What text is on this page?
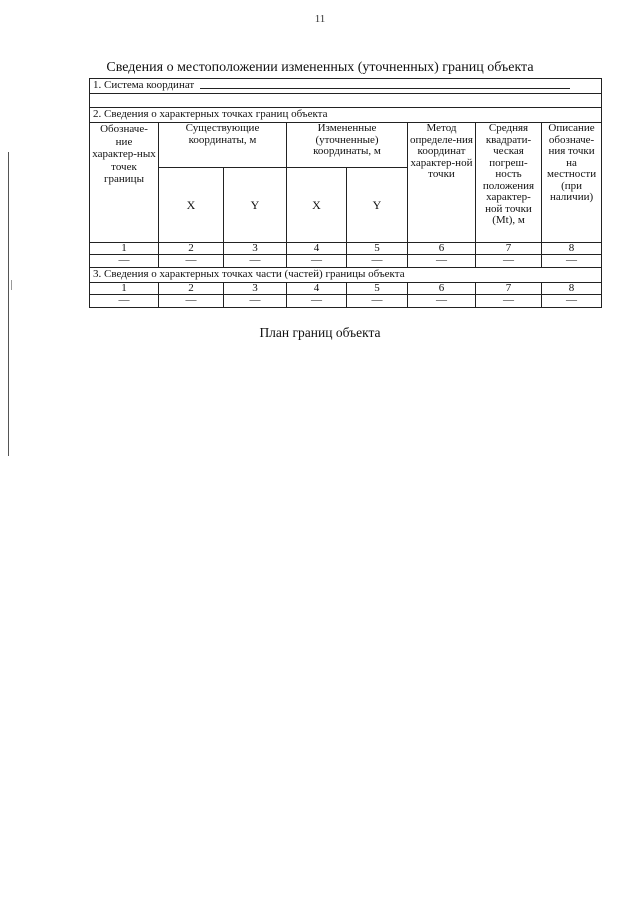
11
Сведения о местоположении измененных (уточненных) границ объекта
1. Система координат							

2. Сведения о характерных точках границ объекта							
Обозначе-ние характер-ных точек границы	Существующие координаты, м		Измененные (уточненные) координаты, м		Метод определе-ния координат характер-ной точки	Средняя квадрати-ческая погреш-ность положения характер-ной точки (Mt), м	Описание обозначе-ния точки на местности (при наличии)
	X	Y	X	Y			
1	2	3	4	5	6	7	8
—	—	—	—	—	—	—	—
3. Сведения о характерных точках части (частей) границы объекта							
1	2	3	4	5	6	7	8
—	—	—	—	—	—	—	—
План границ объекта
